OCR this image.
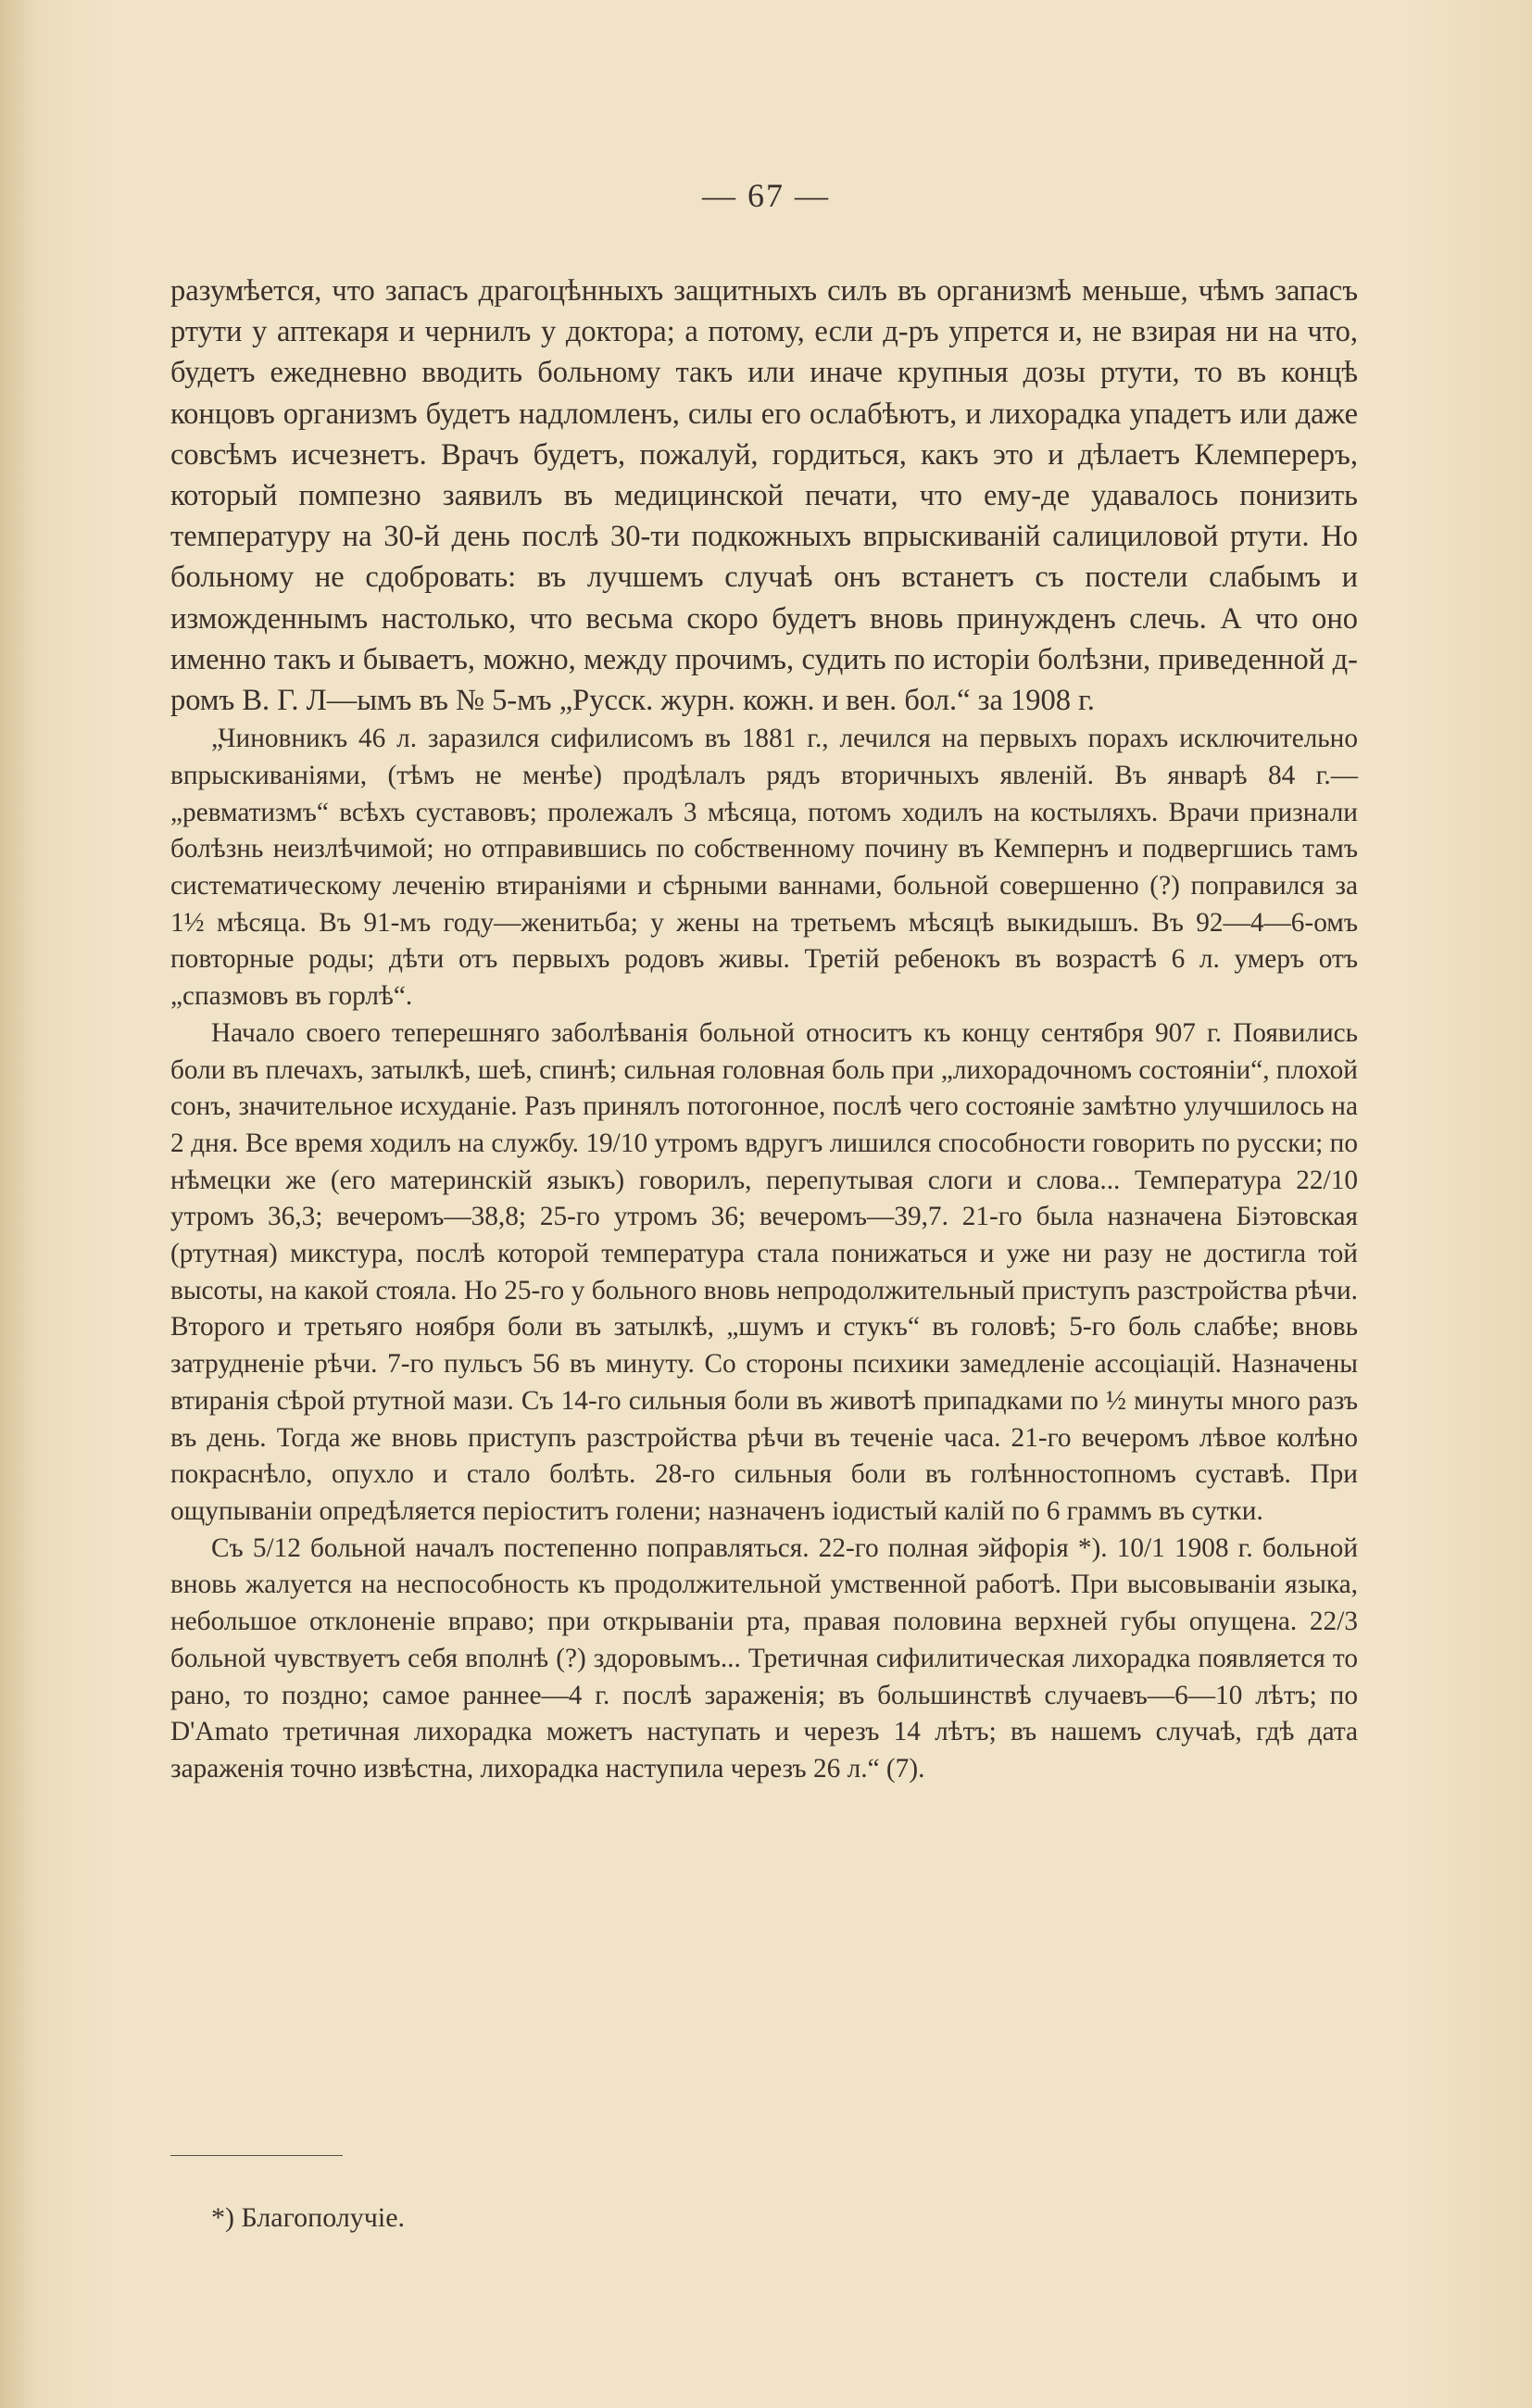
— 67 —

разумѣется, что запасъ драгоцѣнныхъ защитныхъ силъ въ организмѣ меньше, чѣмъ запасъ ртути у аптекаря и чернилъ у доктора; а потому, если д-ръ упрется и, не взирая ни на что, будетъ ежедневно вводить больному такъ или иначе крупныя дозы ртути, то въ концѣ концовъ организмъ будетъ надломленъ, силы его ослабѣютъ, и лихорадка упадетъ или даже совсѣмъ исчезнетъ. Врачъ будетъ, пожалуй, гордиться, какъ это и дѣлаетъ Клемпереръ, который помпезно заявилъ въ медицинской печати, что ему-де удавалось понизить температуру на 30-й день послѣ 30-ти подкожныхъ впрыскиваній салициловой ртути. Но больному не сдобровать: въ лучшемъ случаѣ онъ встанетъ съ постели слабымъ и изможденнымъ настолько, что весьма скоро будетъ вновь принужденъ слечь. А что оно именно такъ и бываетъ, можно, между прочимъ, судить по исторіи болѣзни, приведенной д-ромъ В. Г. Л—ымъ въ № 5-мъ „Русск. журн. кожн. и вен. бол.“ за 1908 г.

„Чиновникъ 46 л. заразился сифилисомъ въ 1881 г., лечился на первыхъ порахъ исключительно впрыскиваніями, (тѣмъ не менѣе) продѣлалъ рядъ вторичныхъ явленій. Въ январѣ 84 г.—„ревматизмъ“ всѣхъ суставовъ; пролежалъ 3 мѣсяца, потомъ ходилъ на костыляхъ. Врачи признали болѣзнь неизлѣчимой; но отправившись по собственному почину въ Кемпернъ и подвергшись тамъ систематическому леченію втираніями и сѣрными ваннами, больной совершенно (?) поправился за 1½ мѣсяца. Въ 91-мъ году—женитьба; у жены на третьемъ мѣсяцѣ выкидышъ. Въ 92—4—6-омъ повторные роды; дѣти отъ первыхъ родовъ живы. Третій ребенокъ въ возрастѣ 6 л. умеръ отъ „спазмовъ въ горлѣ“.

Начало своего теперешняго заболѣванія больной относитъ къ концу сентября 907 г. Появились боли въ плечахъ, затылкѣ, шеѣ, спинѣ; сильная головная боль при „лихорадочномъ состояніи“, плохой сонъ, значительное исхуданіе. Разъ принялъ потогонное, послѣ чего состояніе замѣтно улучшилось на 2 дня. Все время ходилъ на службу. 19/10 утромъ вдругъ лишился способности говорить по русски; по нѣмецки же (его материнскій языкъ) говорилъ, перепутывая слоги и слова... Температура 22/10 утромъ 36,3; вечеромъ—38,8; 25-го утромъ 36; вечеромъ—39,7. 21-го была назначена Біэтовская (ртутная) микстура, послѣ которой температура стала понижаться и уже ни разу не достигла той высоты, на какой стояла. Но 25-го у больного вновь непродолжительный приступъ разстройства рѣчи. Второго и третьяго ноября боли въ затылкѣ, „шумъ и стукъ“ въ головѣ; 5-го боль слабѣе; вновь затрудненіе рѣчи. 7-го пульсъ 56 въ минуту. Со стороны психики замедленіе ассоціацій. Назначены втиранія сѣрой ртутной мази. Съ 14-го сильныя боли въ животѣ припадками по ½ минуты много разъ въ день. Тогда же вновь приступъ разстройства рѣчи въ теченіе часа. 21-го вечеромъ лѣвое колѣно покраснѣло, опухло и стало болѣть. 28-го сильныя боли въ голѣнностопномъ суставѣ. При ощупываніи опредѣляется періоститъ голени; назначенъ іодистый калій по 6 граммъ въ сутки.

Съ 5/12 больной началъ постепенно поправляться. 22-го полная эйфорія *). 10/1 1908 г. больной вновь жалуется на неспособность къ продолжительной умственной работѣ. При высовываніи языка, небольшое отклоненіе вправо; при открываніи рта, правая половина верхней губы опущена. 22/3 больной чувствуетъ себя вполнѣ (?) здоровымъ... Третичная сифилитическая лихорадка появляется то рано, то поздно; самое раннее—4 г. послѣ зараженія; въ большинствѣ случаевъ—6—10 лѣтъ; по D'Amato третичная лихорадка можетъ наступать и черезъ 14 лѣтъ; въ нашемъ случаѣ, гдѣ дата зараженія точно извѣстна, лихорадка наступила черезъ 26 л.“ (7).

*) Благополучіе.
